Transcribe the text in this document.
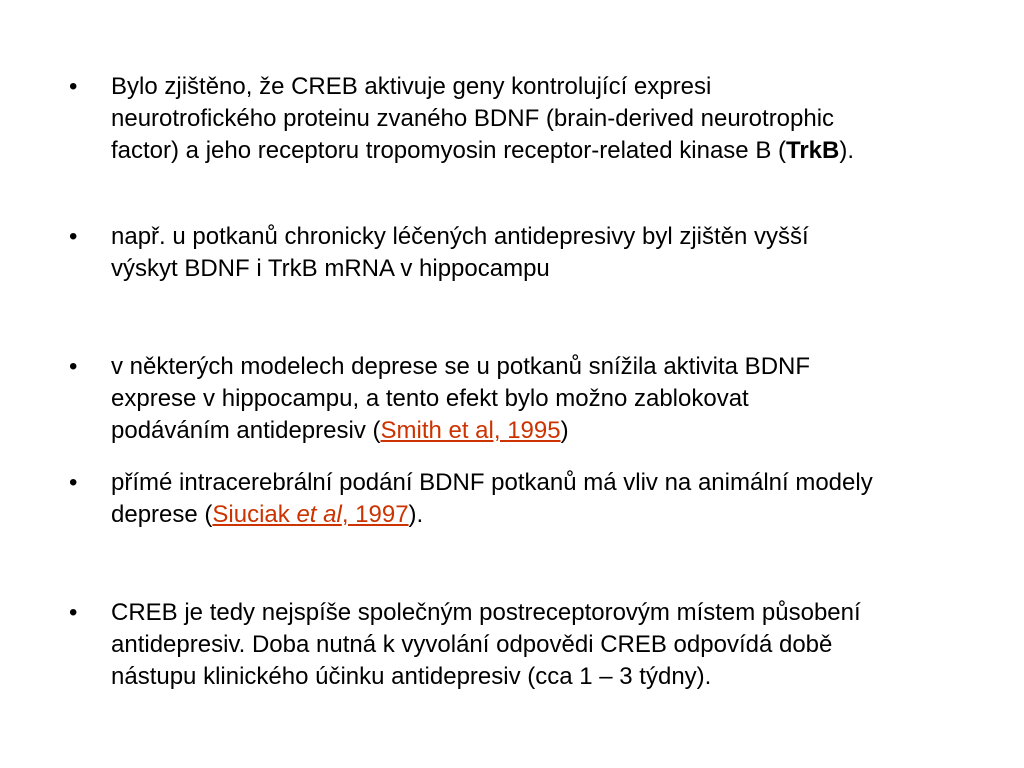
•	Bylo zjištěno, že CREB aktivuje geny kontrolující expresi neurotrofického proteinu zvaného BDNF (brain-derived neurotrophic factor) a jeho receptoru tropomyosin receptor-related kinase B (TrkB).
•	např. u potkanů chronicky léčených antidepresivy byl zjištěn vyšší výskyt BDNF i TrkB mRNA v hippocampu
•	v některých modelech deprese se u potkanů snížila aktivita BDNF exprese v hippocampu, a tento efekt bylo možno zablokovat podáváním antidepresiv (Smith et al, 1995)
•	přímé intracerebrální podání BDNF potkanů má vliv na animální modely deprese (Siuciak et al, 1997).
•	CREB je tedy nejspíše společným postreceptorovým místem působení antidepresiv. Doba nutná k vyvolání odpovědi CREB odpovídá době nástupu klinického účinku antidepresiv (cca 1 – 3 týdny).
